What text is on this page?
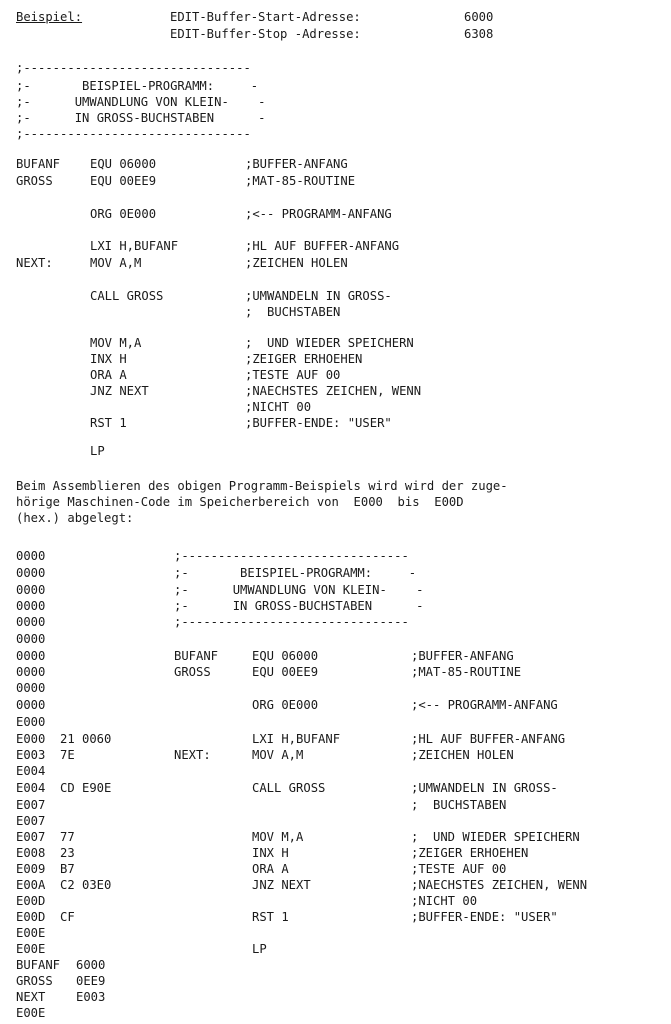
Beispiel:	EDIT-Buffer-Start-Adresse:	6000
EDIT-Buffer-Stop -Adresse:	6308
;-------------------------------
;-       BEISPIEL-PROGRAMM:     -
;-      UMWANDLUNG VON KLEIN-    -
;-      IN GROSS-BUCHSTABEN      -
;-------------------------------
BUFANF EQU 06000	;BUFFER-ANFANG
GROSS	EQU 00EE9	;MAT-85-ROUTINE
ORG 0E000	;<-- PROGRAMM-ANFANG
LXI H,BUFANF	;HL AUF BUFFER-ANFANG
NEXT:	MOV A,M	;ZEICHEN HOLEN
CALL GROSS	;UMWANDELN IN GROSS-
;  BUCHSTABEN
MOV M,A	;  UND WIEDER SPEICHERN
INX H	;ZEIGER ERHOEHEN
ORA A	;TESTE AUF 00
JNZ NEXT	;NAECHSTES ZEICHEN, WENN
;NICHT 00
RST 1	;BUFFER-ENDE: "USER"
LP
Beim Assemblieren des obigen Programm-Beispiels wird wird der zuge-
hörige Maschinen-Code im Speicherbereich von  E000  bis  E00D
(hex.) abgelegt:
0000	;-------------------------------
0000	;-       BEISPIEL-PROGRAMM:     -
0000	;-      UMWANDLUNG VON KLEIN-    -
0000	;-      IN GROSS-BUCHSTABEN      -
0000	;-------------------------------
0000
0000	BUFANF	EQU 06000	;BUFFER-ANFANG
0000	GROSS	EQU 00EE9	;MAT-85-ROUTINE
0000
0000	ORG 0E000	;<-- PROGRAMM-ANFANG
E000
E000 21 0060	LXI H,BUFANF	;HL AUF BUFFER-ANFANG
E003 7E	NEXT:	MOV A,M	;ZEICHEN HOLEN
E004
E004 CD E90E	CALL GROSS	;UMWANDELN IN GROSS-
E007	;  BUCHSTABEN
E007
E007 77	MOV M,A	;  UND WIEDER SPEICHERN
E008 23	INX H	;ZEIGER ERHOEHEN
E009 B7	ORA A	;TESTE AUF 00
E00A C2 03E0	JNZ NEXT	;NAECHSTES ZEICHEN, WENN
E00D	;NICHT 00
E00D CF	RST 1	;BUFFER-ENDE: "USER"
E00E
E00E	LP
BUFANF 6000
GROSS 0EE9
NEXT	E003
E00E
